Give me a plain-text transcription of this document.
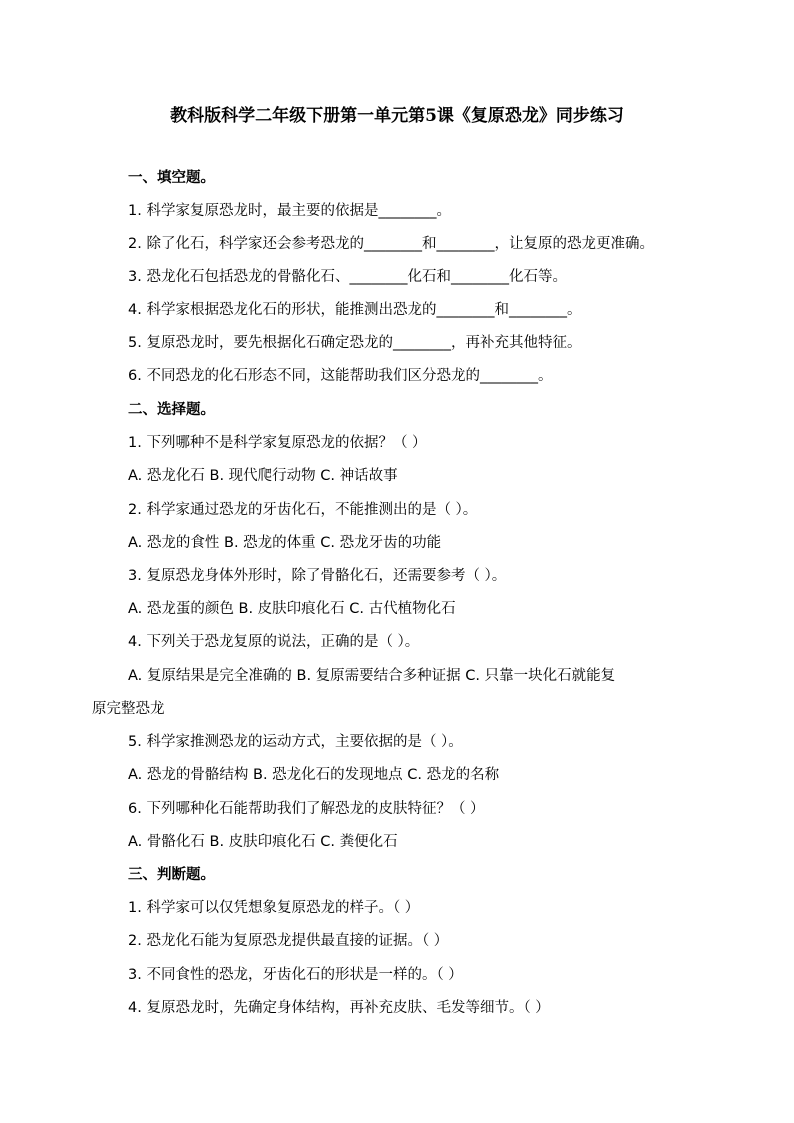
教科版科学二年级下册第一单元第5课《复原恐龙》同步练习
一、填空题。
1. 科学家复原恐龙时，最主要的依据是________。
2. 除了化石，科学家还会参考恐龙的________和________，让复原的恐龙更准确。
3. 恐龙化石包括恐龙的骨骼化石、________化石和________化石等。
4. 科学家根据恐龙化石的形状，能推测出恐龙的________和________。
5. 复原恐龙时，要先根据化石确定恐龙的________，再补充其他特征。
6. 不同恐龙的化石形态不同，这能帮助我们区分恐龙的________。
二、选择题。
1. 下列哪种不是科学家复原恐龙的依据？（ ）
A. 恐龙化石 B. 现代爬行动物 C. 神话故事
2. 科学家通过恐龙的牙齿化石，不能推测出的是（ ）。
A. 恐龙的食性 B. 恐龙的体重 C. 恐龙牙齿的功能
3. 复原恐龙身体外形时，除了骨骼化石，还需要参考（ ）。
A. 恐龙蛋的颜色 B. 皮肤印痕化石 C. 古代植物化石
4. 下列关于恐龙复原的说法，正确的是（ ）。
A. 复原结果是完全准确的 B. 复原需要结合多种证据 C. 只靠一块化石就能复
原完整恐龙
5. 科学家推测恐龙的运动方式，主要依据的是（ ）。
A. 恐龙的骨骼结构 B. 恐龙化石的发现地点 C. 恐龙的名称
6. 下列哪种化石能帮助我们了解恐龙的皮肤特征？（ ）
A. 骨骼化石 B. 皮肤印痕化石 C. 粪便化石
三、判断题。
1. 科学家可以仅凭想象复原恐龙的样子。（ ）
2. 恐龙化石能为复原恐龙提供最直接的证据。（ ）
3. 不同食性的恐龙，牙齿化石的形状是一样的。（ ）
4. 复原恐龙时，先确定身体结构，再补充皮肤、毛发等细节。（ ）
